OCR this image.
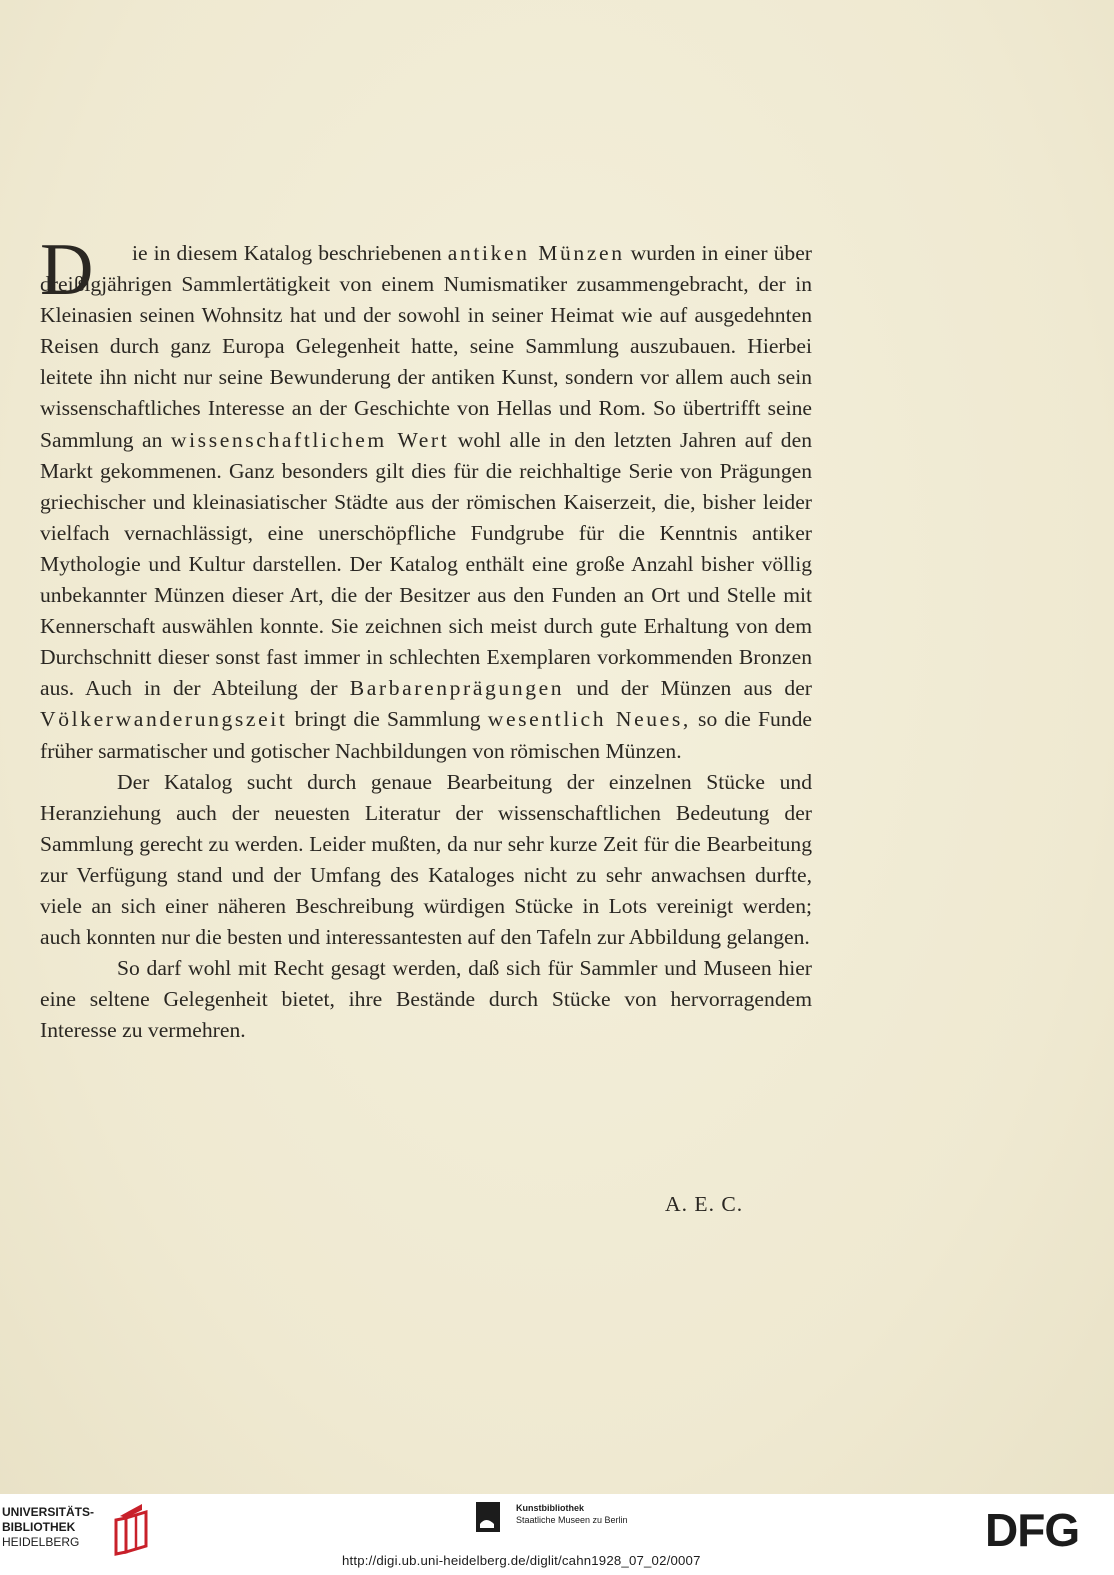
D	ie in diesem Katalog beschriebenen antiken Münzen wurden in einer über dreißigjährigen Sammlertätigkeit von einem Numismatiker zusammengebracht, der in Kleinasien seinen Wohnsitz hat und der sowohl in seiner Heimat wie auf ausgedehnten Reisen durch ganz Europa Gelegenheit hatte, seine Sammlung auszubauen. Hierbei leitete ihn nicht nur seine Bewunderung der antiken Kunst, sondern vor allem auch sein wissenschaftliches Interesse an der Geschichte von Hellas und Rom. So übertrifft seine Sammlung an wissenschaftlichem Wert wohl alle in den letzten Jahren auf den Markt gekommenen. Ganz besonders gilt dies für die reichhaltige Serie von Prägungen griechischer und kleinasiatischer Städte aus der römischen Kaiserzeit, die, bisher leider vielfach vernachlässigt, eine unerschöpfliche Fundgrube für die Kenntnis antiker Mythologie und Kultur darstellen. Der Katalog enthält eine große Anzahl bisher völlig unbekannter Münzen dieser Art, die der Besitzer aus den Funden an Ort und Stelle mit Kennerschaft auswählen konnte. Sie zeichnen sich meist durch gute Erhaltung von dem Durchschnitt dieser sonst fast immer in schlechten Exemplaren vorkommenden Bronzen aus. Auch in der Abteilung der Barbarenprägungen und der Münzen aus der Völkerwanderungszeit bringt die Sammlung wesentlich Neues, so die Funde früher sarmatischer und gotischer Nachbildungen von römischen Münzen.

Der Katalog sucht durch genaue Bearbeitung der einzelnen Stücke und Heranziehung auch der neuesten Literatur der wissenschaftlichen Bedeutung der Sammlung gerecht zu werden. Leider mußten, da nur sehr kurze Zeit für die Bearbeitung zur Verfügung stand und der Umfang des Kataloges nicht zu sehr anwachsen durfte, viele an sich einer näheren Beschreibung würdigen Stücke in Lots vereinigt werden; auch konnten nur die besten und interessantesten auf den Tafeln zur Abbildung gelangen.

So darf wohl mit Recht gesagt werden, daß sich für Sammler und Museen hier eine seltene Gelegenheit bietet, ihre Bestände durch Stücke von hervorragendem Interesse zu vermehren.

A. E. C.
UNIVERSITÄTS-
BIBLIOTHEK
HEIDELBERG
Kunstbibliothek
Staatliche Museen zu Berlin	DFG
http://digi.ub.uni-heidelberg.de/diglit/cahn1928_07_02/0007
